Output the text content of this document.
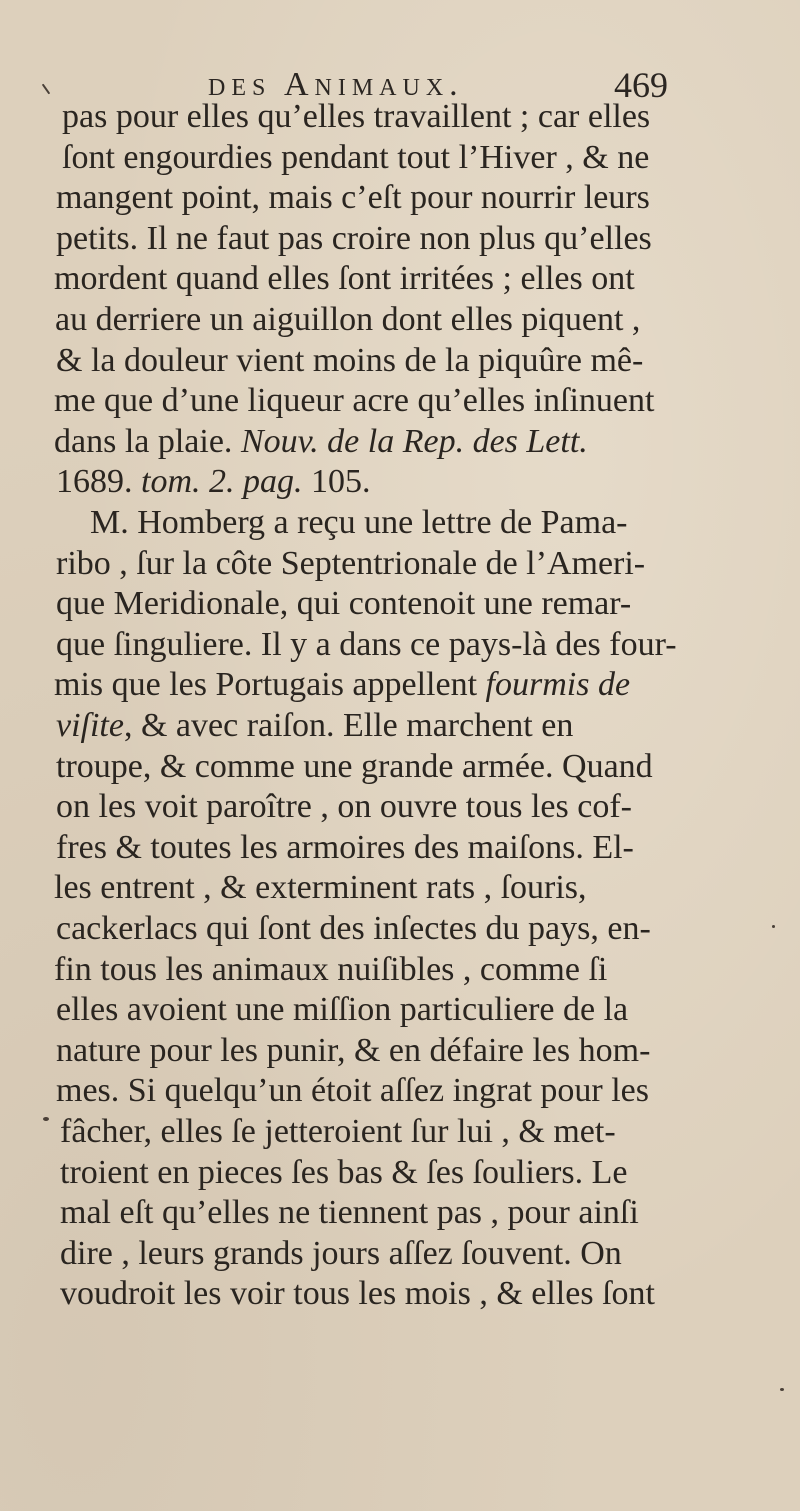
des Animaux.	469
pas pour elles qu’elles travaillent ; car elles
ſont engourdies pendant tout l’Hiver , & ne
mangent point, mais c’eſt pour nourrir leurs
petits. Il ne faut pas croire non plus qu’elles
mordent quand elles ſont irritées ; elles ont
au derriere un aiguillon dont elles piquent ,
& la douleur vient moins de la piquûre mê-
me que d’une liqueur acre qu’elles inſinuent
dans la plaie. Nouv. de la Rep. des Lett.
1689. tom. 2. pag. 105.
M. Homberg a reçu une lettre de Pama-
ribo , ſur la côte Septentrionale de l’Ameri-
que Meridionale, qui contenoit une remar-
que ſinguliere. Il y a dans ce pays-là des four-
mis que les Portugais appellent fourmis de
viſite, & avec raiſon. Elle marchent en
troupe, & comme une grande armée. Quand
on les voit paroître , on ouvre tous les cof-
fres & toutes les armoires des maiſons. El-
les entrent , & exterminent rats , ſouris,
cackerlacs qui ſont des inſectes du pays, en-
fin tous les animaux nuiſibles , comme ſi
elles avoient une miſſion particuliere de la
nature pour les punir, & en défaire les hom-
mes. Si quelqu’un étoit aſſez ingrat pour les
fâcher, elles ſe jetteroient ſur lui , & met-
troient en pieces ſes bas & ſes ſouliers. Le
mal eſt qu’elles ne tiennent pas , pour ainſi
dire , leurs grands jours aſſez ſouvent. On
voudroit les voir tous les mois , & elles ſont
